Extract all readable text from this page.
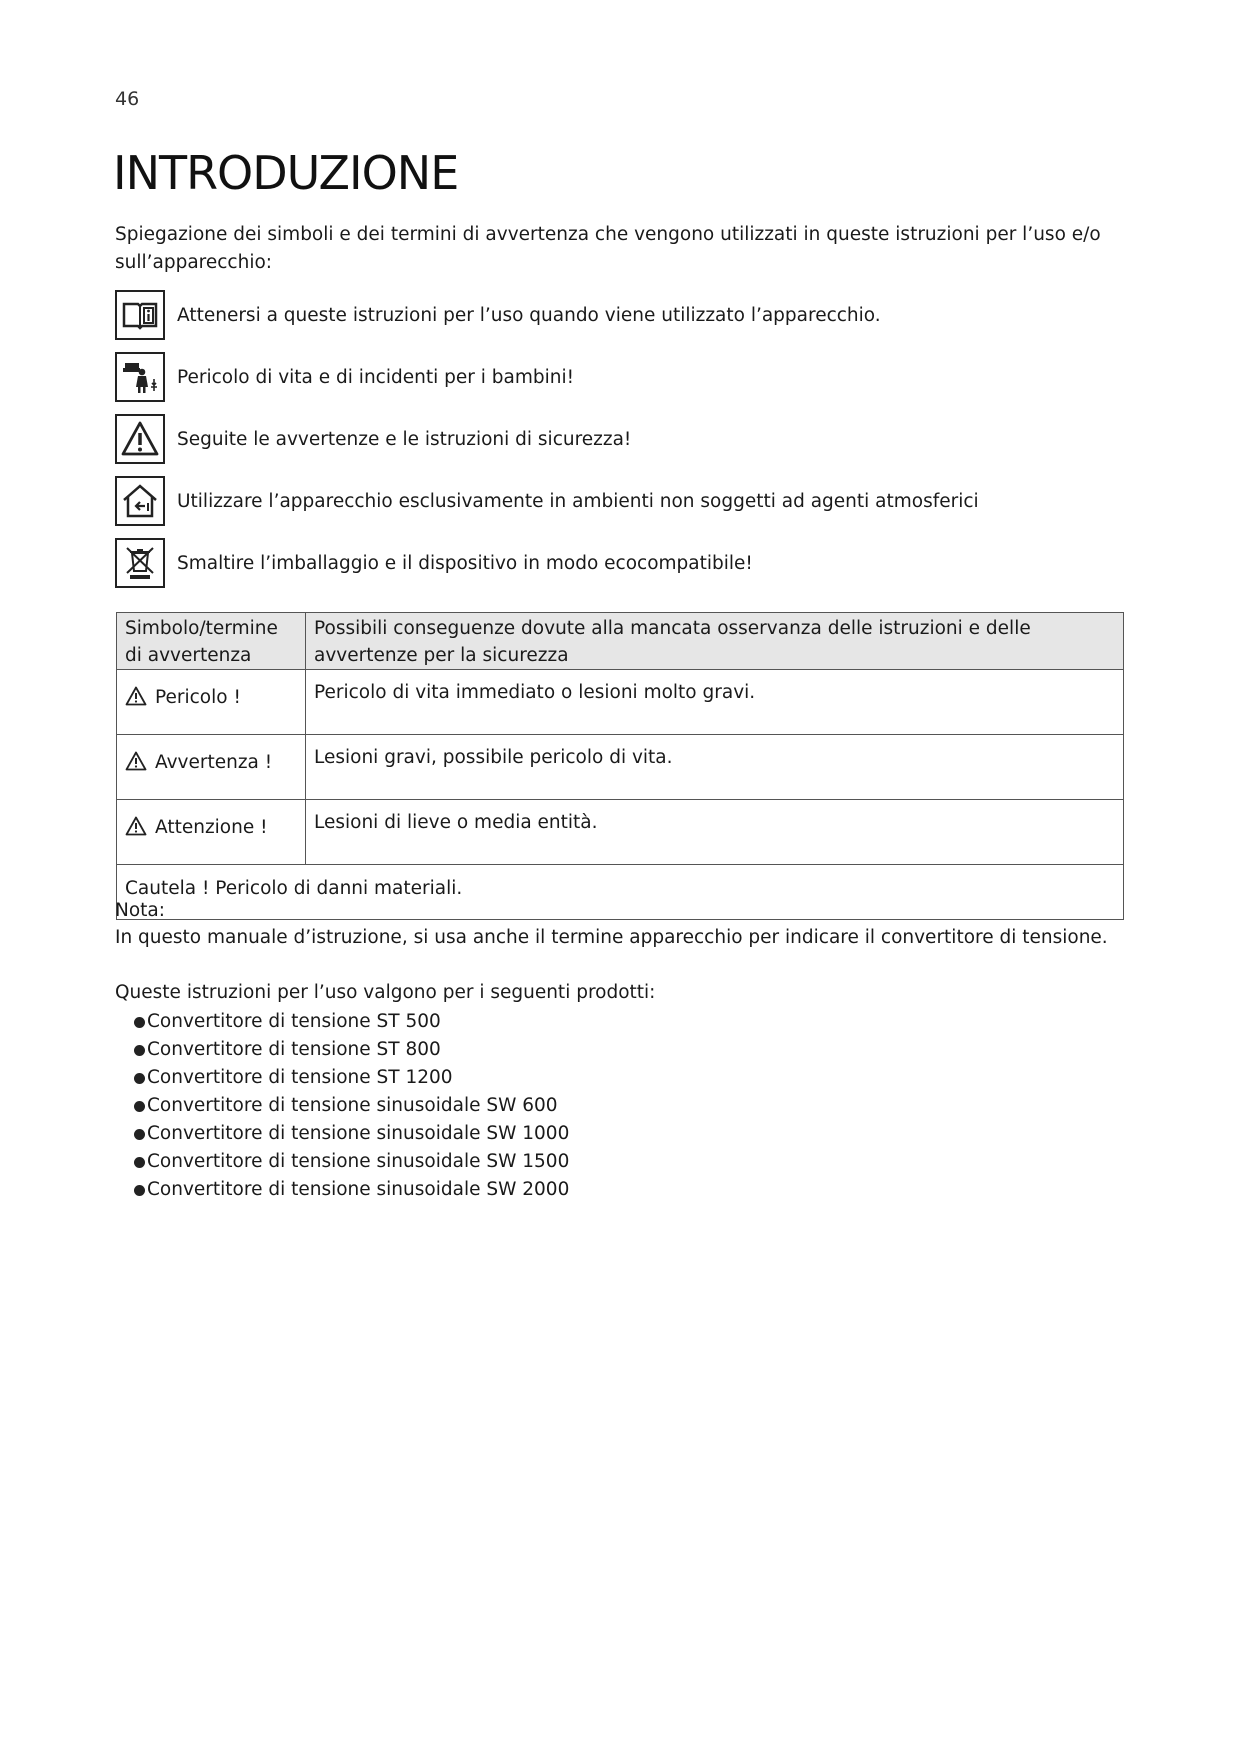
46
INTRODUZIONE
Spiegazione dei simboli e dei termini di avvertenza che vengono utilizzati in queste istruzioni per l’uso e/o sull’apparecchio:
Attenersi a queste istruzioni per l’uso quando viene utilizzato l’apparecchio.
Pericolo di vita e di incidenti per i bambini!
Seguite le avvertenze e le istruzioni di sicurezza!
Utilizzare l’apparecchio esclusivamente in ambienti non soggetti ad agenti atmosferici
Smaltire l’imballaggio e il dispositivo in modo ecocompatibile!
Simbolo/termine di avvertenza	Possibili conseguenze dovute alla mancata osservanza delle istruzioni e delle avvertenze per la sicurezza
Pericolo !	Pericolo di vita immediato o lesioni molto gravi.
Avvertenza !	Lesioni gravi, possibile pericolo di vita.
Attenzione !	Lesioni di lieve o media entità.
Cautela ! Pericolo di danni materiali.	
Nota:
In questo manuale d’istruzione, si usa anche il termine apparecchio per indicare il convertitore di tensione.
Queste istruzioni per l’uso valgono per i seguenti prodotti:
Convertitore di tensione ST 500
Convertitore di tensione ST 800
Convertitore di tensione ST 1200
Convertitore di tensione sinusoidale SW 600
Convertitore di tensione sinusoidale SW 1000
Convertitore di tensione sinusoidale SW 1500
Convertitore di tensione sinusoidale SW 2000
